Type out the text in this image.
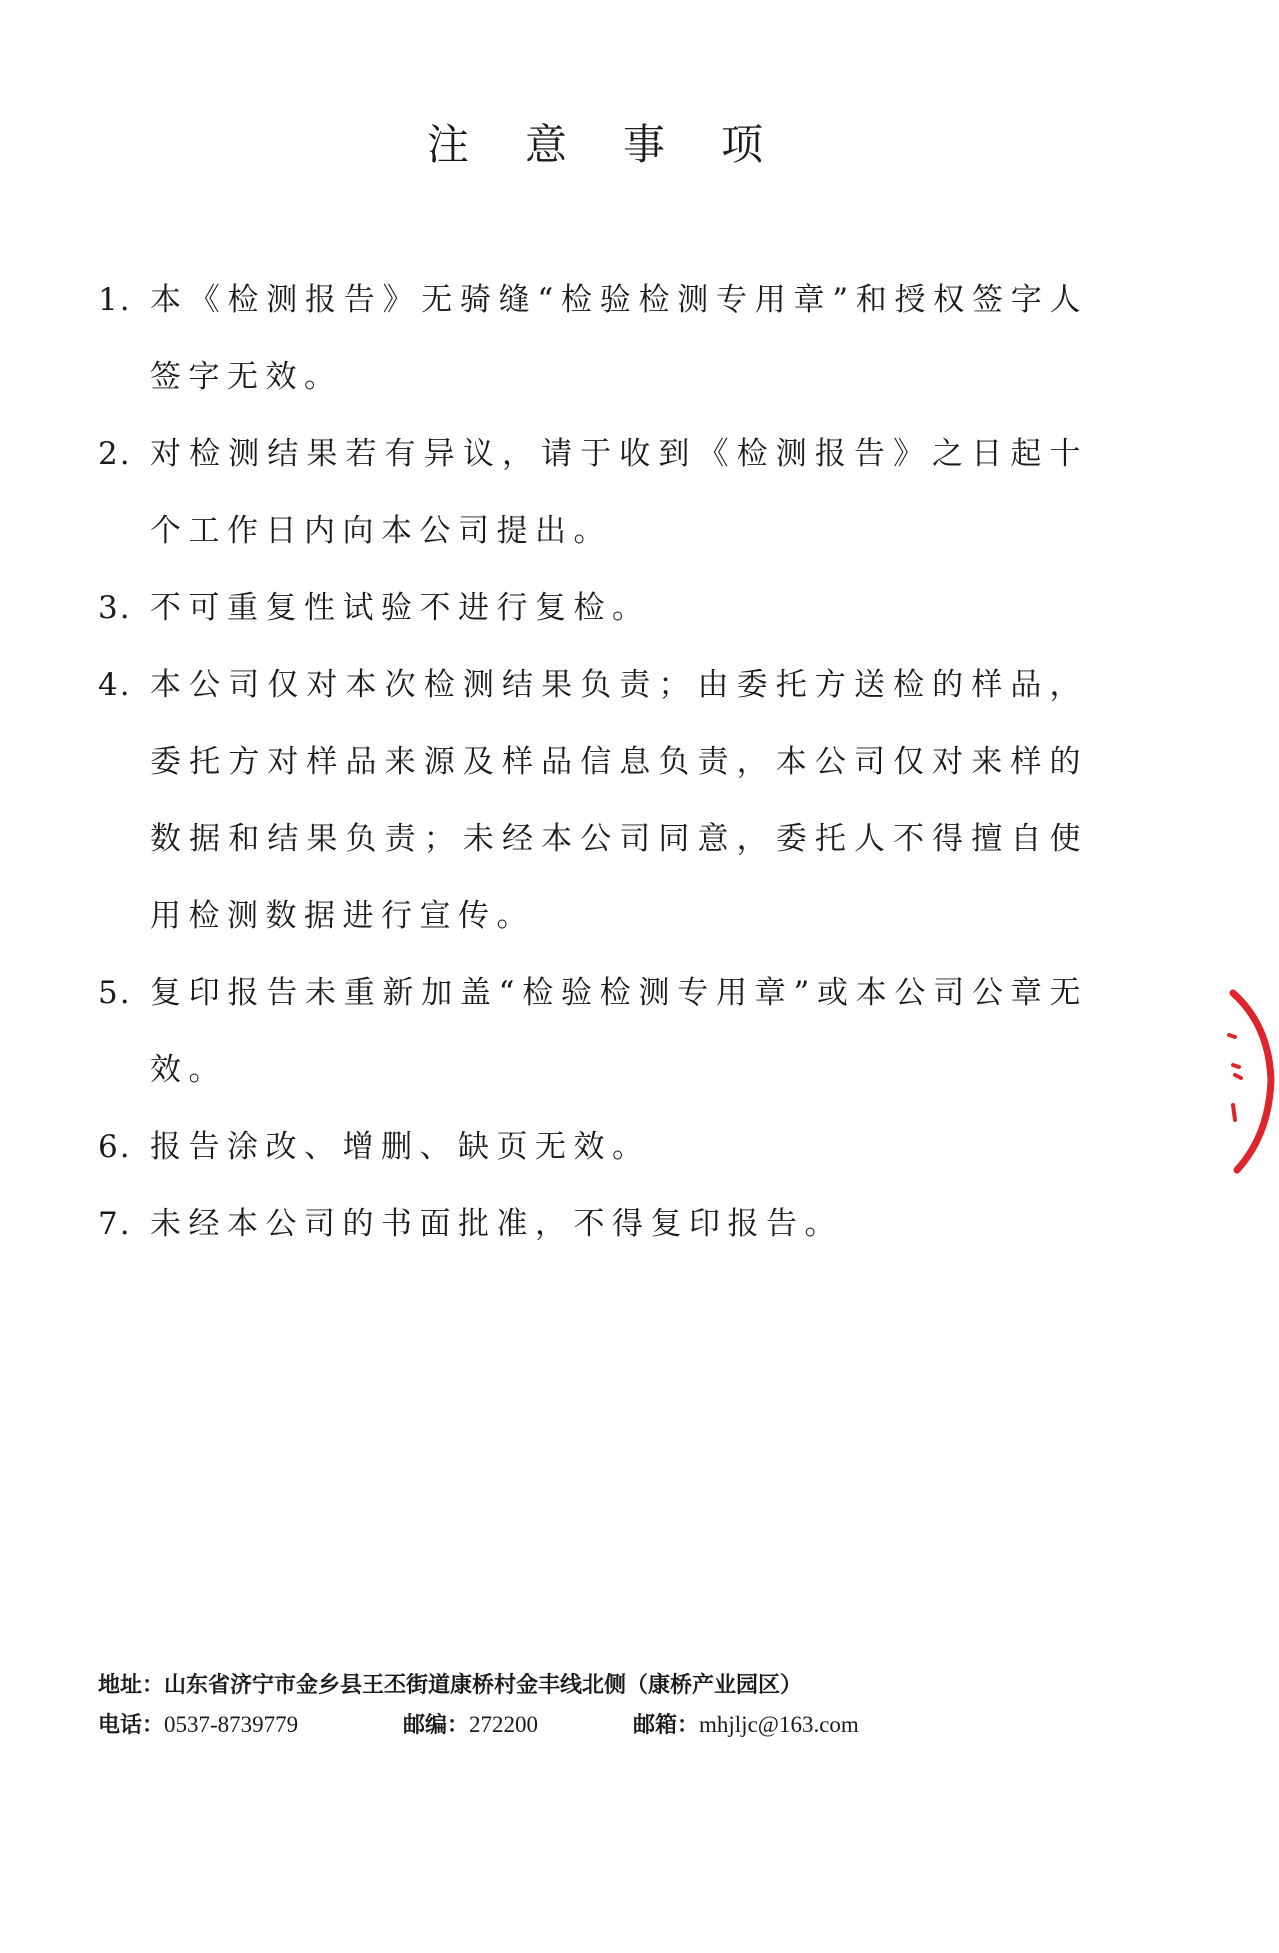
注意事项
1. 本《检测报告》无骑缝“检验检测专用章”和授权签字人签字无效。
2. 对检测结果若有异议，请于收到《检测报告》之日起十个工作日内向本公司提出。
3. 不可重复性试验不进行复检。
4. 本公司仅对本次检测结果负责；由委托方送检的样品，委托方对样品来源及样品信息负责，本公司仅对来样的数据和结果负责；未经本公司同意，委托人不得擅自使用检测数据进行宣传。
5. 复印报告未重新加盖“检验检测专用章”或本公司公章无效。
6. 报告涂改、增删、缺页无效。
7. 未经本公司的书面批准，不得复印报告。
地址：山东省济宁市金乡县王丕街道康桥村金丰线北侧（康桥产业园区）
电话：0537-8739779	邮编：272200	邮箱：mhjljc@163.com
